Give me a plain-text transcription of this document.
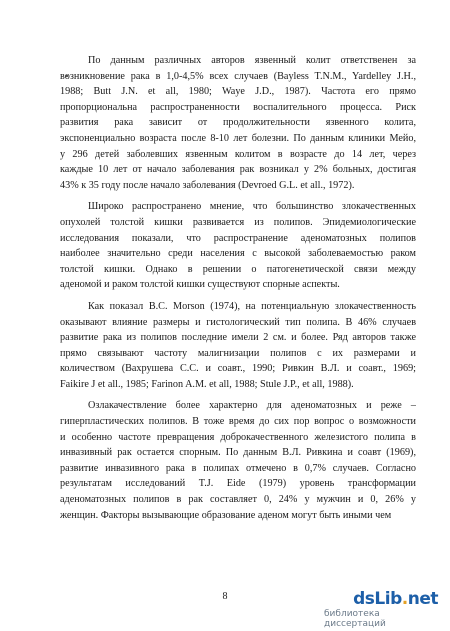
По данным различных авторов язвенный колит ответственен за
возникновение рака в 1,0-4,5% всех случаев (Bayless T.N.M., Yardelley J.H.,
1988; Butt J.N. et all, 1980; Waye J.D., 1987). Частота его прямо
пропорциональна распространенности воспалительного процесса. Риск
развития рака зависит от продолжительности язвенного колита,
экспоненциально возраста после 8-10 лет болезни. По данным клиники Мейо,
у 296 детей заболевших язвенным колитом в возрасте до 14 лет, через
каждые 10 лет от начало заболевания рак возникал у 2% больных, достигая
43% к 35 году после начало заболевания (Devroed G.L. et all., 1972).
Широко распространено мнение, что большинство злокачественных
опухолей толстой кишки развивается из полипов. Эпидемиологические
исследования показали, что распространение аденоматозных полипов
наиболее значительно среди населения с высокой заболеваемостью раком
толстой кишки. Однако в решении о патогенетической связи между
аденомой и раком толстой кишки существуют спорные аспекты.
Как показал В.С. Morson (1974), на потенциальную злокачественность
оказывают влияние размеры и гистологический тип полипа. В 46% случаев
развитие рака из полипов последние имели 2 см. и более. Ряд авторов также
прямо связывают частоту малигнизации полипов с их размерами и
количеством (Вахрушева С.С. и соавт., 1990; Ривкин В.Л. и соавт., 1969;
Faikire J et all., 1985; Farinon A.M. et all, 1988; Stule J.P., et all, 1988).
Озлакачествление более характерно для аденоматозных и реже –
гиперпластических полипов. В тоже время до сих пор вопрос о возможности
и особенно частоте превращения доброкачественного железистого полипа в
инвазивный рак остается спорным. По данным В.Л. Ривкина и соавт (1969),
развитие инвазивного рака в полипах отмечено в 0,7% случаев. Согласно
результатам исследований T.J. Eide (1979) уровень трансформации
аденоматозных полипов в рак составляет 0, 24% у мужчин и 0, 26% у
женщин. Факторы вызывающие образование аденом могут быть иными чем
8	dsLib.net
библиотека диссертаций
